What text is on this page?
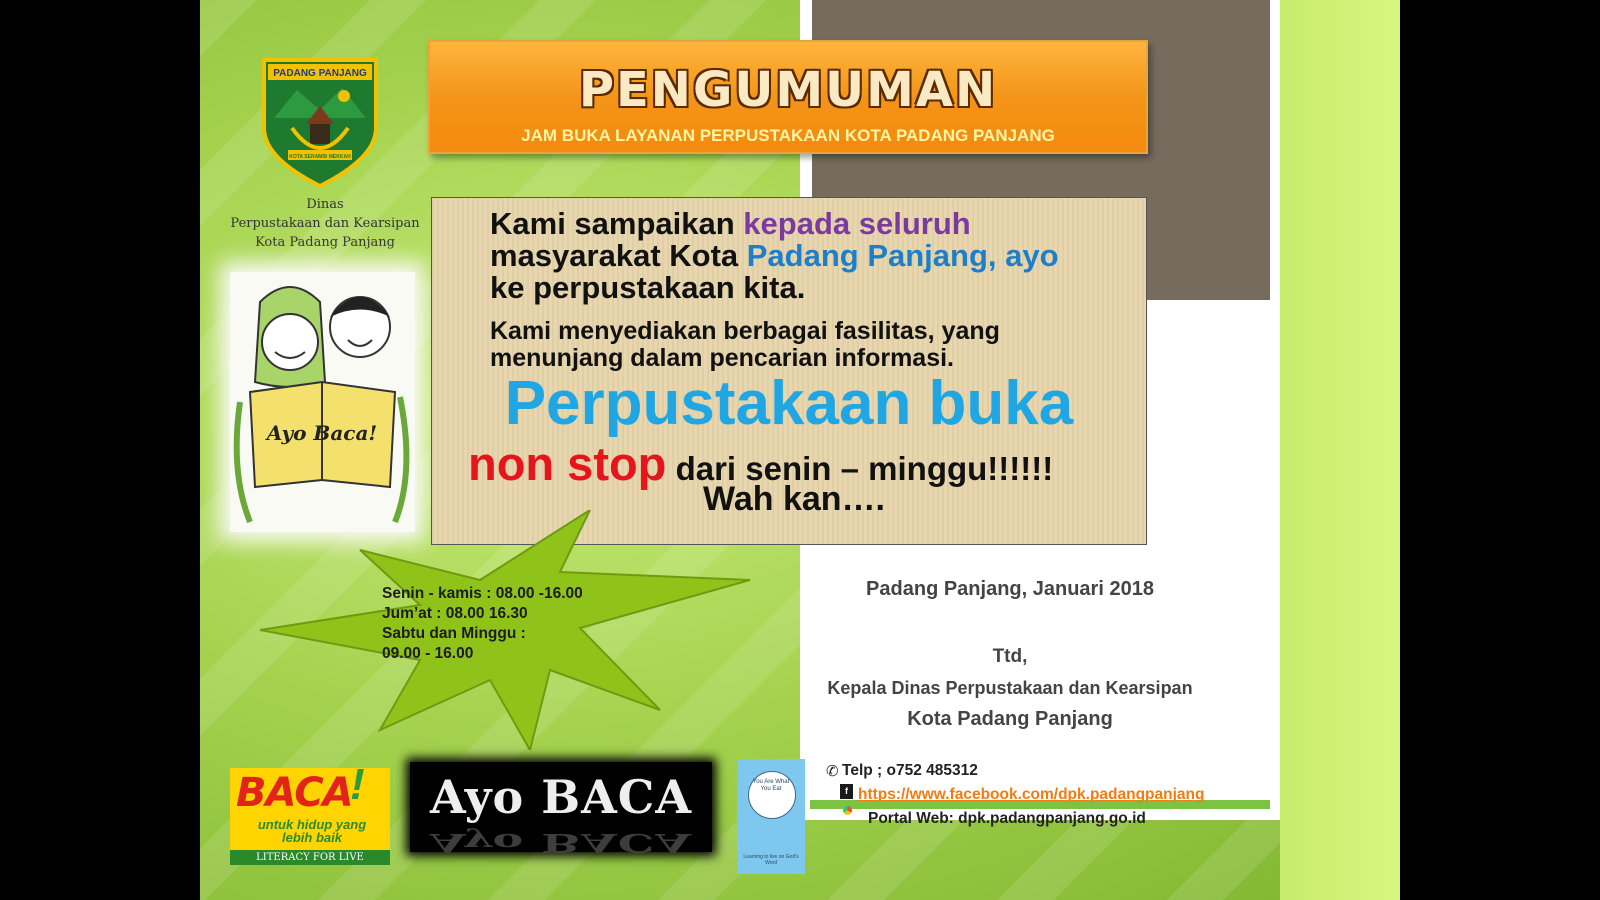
PADANG PANJANG
KOTA SERAMBI MEKKAH
Dinas
Perpustakaan dan Kearsipan
Kota Padang Panjang
Ayo Baca!
PENGUMUMAN
JAM BUKA LAYANAN PERPUSTAKAAN KOTA PADANG PANJANG
Kami sampaikan kepada seluruh
masyarakat Kota Padang Panjang, ayo
ke perpustakaan kita.
Kami menyediakan berbagai fasilitas, yang
menunjang dalam pencarian informasi.
Perpustakaan buka
non stop dari senin – minggu!!!!!!
Wah kan….
Senin - kamis : 08.00 -16.00
Jum’at : 08.00 16.30
Sabtu dan Minggu :
09.00 - 16.00
Padang Panjang, Januari 2018
Ttd,
Kepala Dinas Perpustakaan dan Kearsipan
Kota Padang Panjang
✆ Telp ; o752 485312
f https://www.facebook.com/dpk.padangpanjang
Portal Web: dpk.padangpanjang.go.id
BACA
!
untuk hidup yang lebih baik
LITERACY FOR LIVE
Ayo BACA
Ayo BACA
You Are What You Eat
Learning to live on God's Word
